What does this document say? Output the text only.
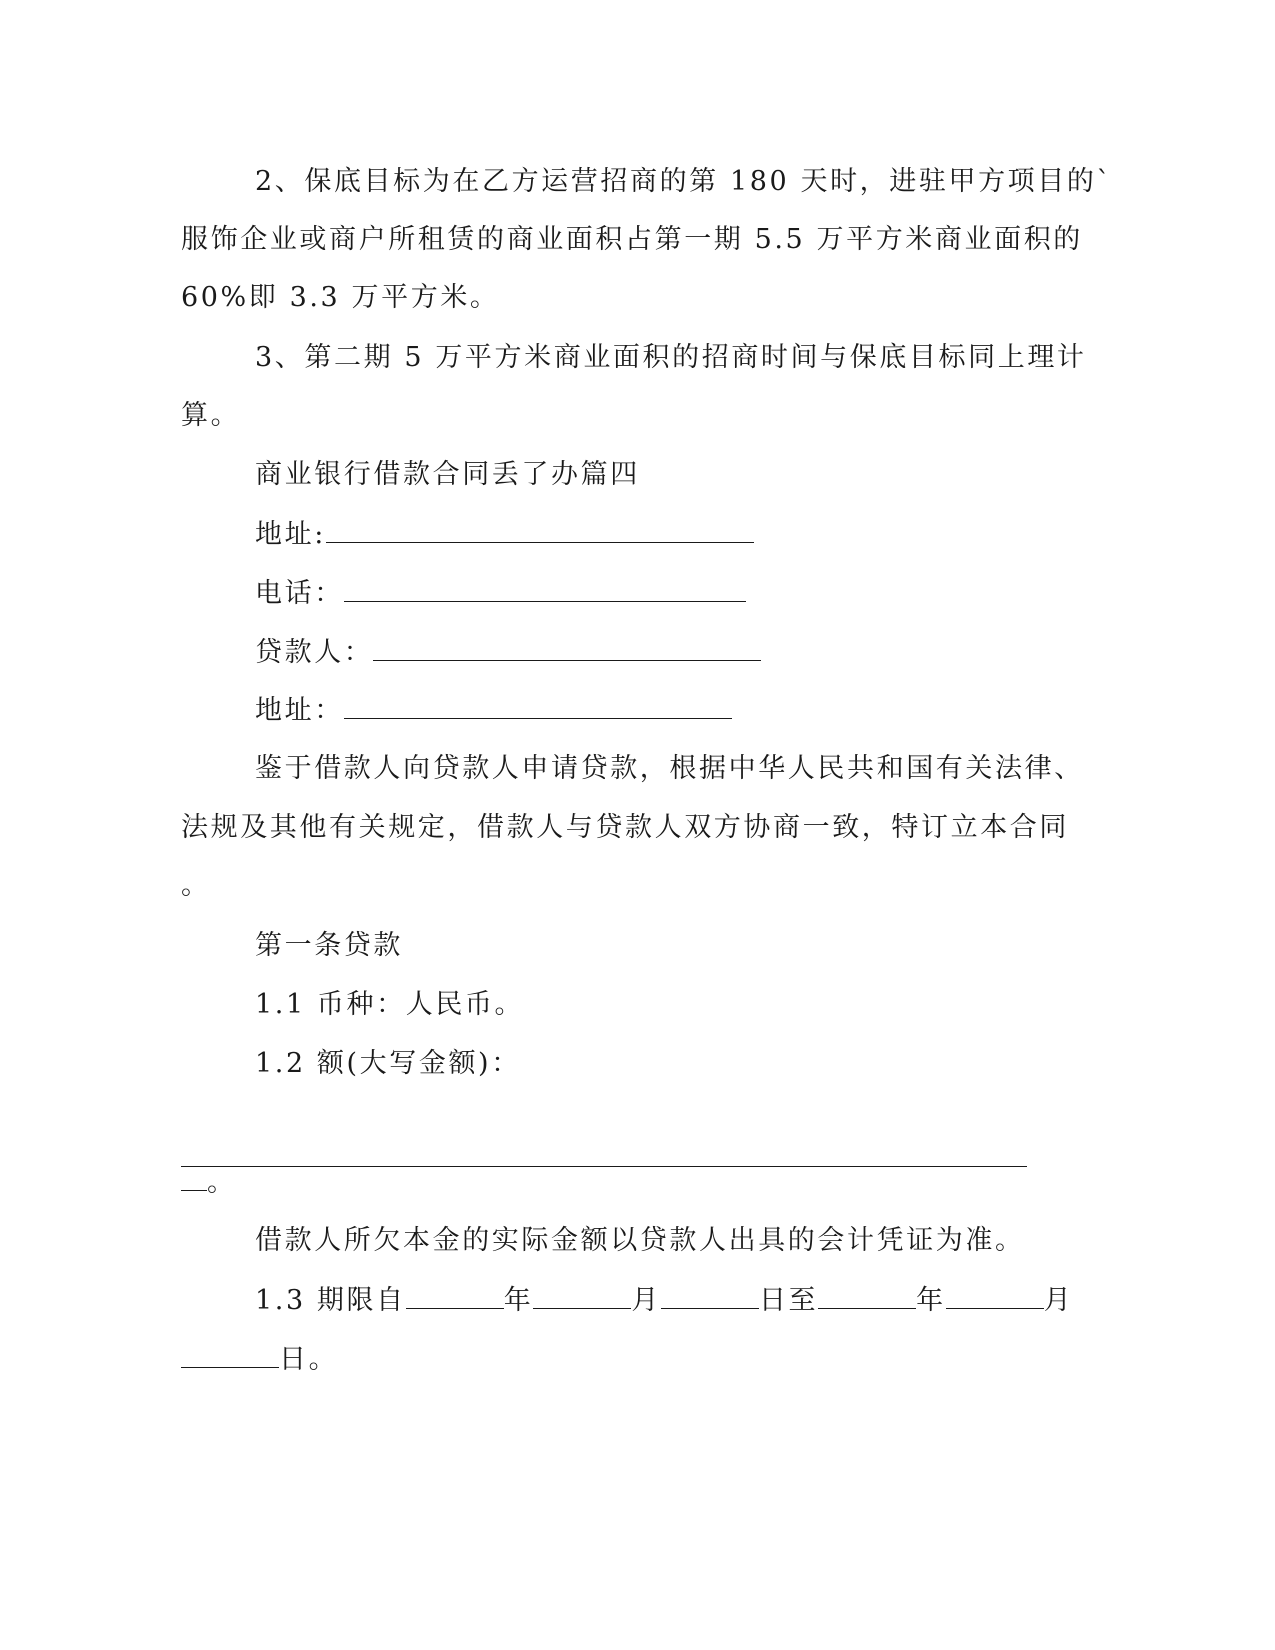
2、保底目标为在乙方运营招商的第 180 天时，进驻甲方项目的`
服饰企业或商户所租赁的商业面积占第一期 5.5 万平方米商业面积的
60%即 3.3 万平方米。
3、第二期 5 万平方米商业面积的招商时间与保底目标同上理计
算。
商业银行借款合同丢了办篇四
地址:
电话：
贷款人：
地址：
鉴于借款人向贷款人申请贷款，根据中华人民共和国有关法律、
法规及其他有关规定，借款人与贷款人双方协商一致，特订立本合同
。
第一条贷款
1.1 币种：人民币。
1.2 额(大写金额)：
。
借款人所欠本金的实际金额以贷款人出具的会计凭证为准。
1.3 期限自	年	月	日至	年	月
日。
